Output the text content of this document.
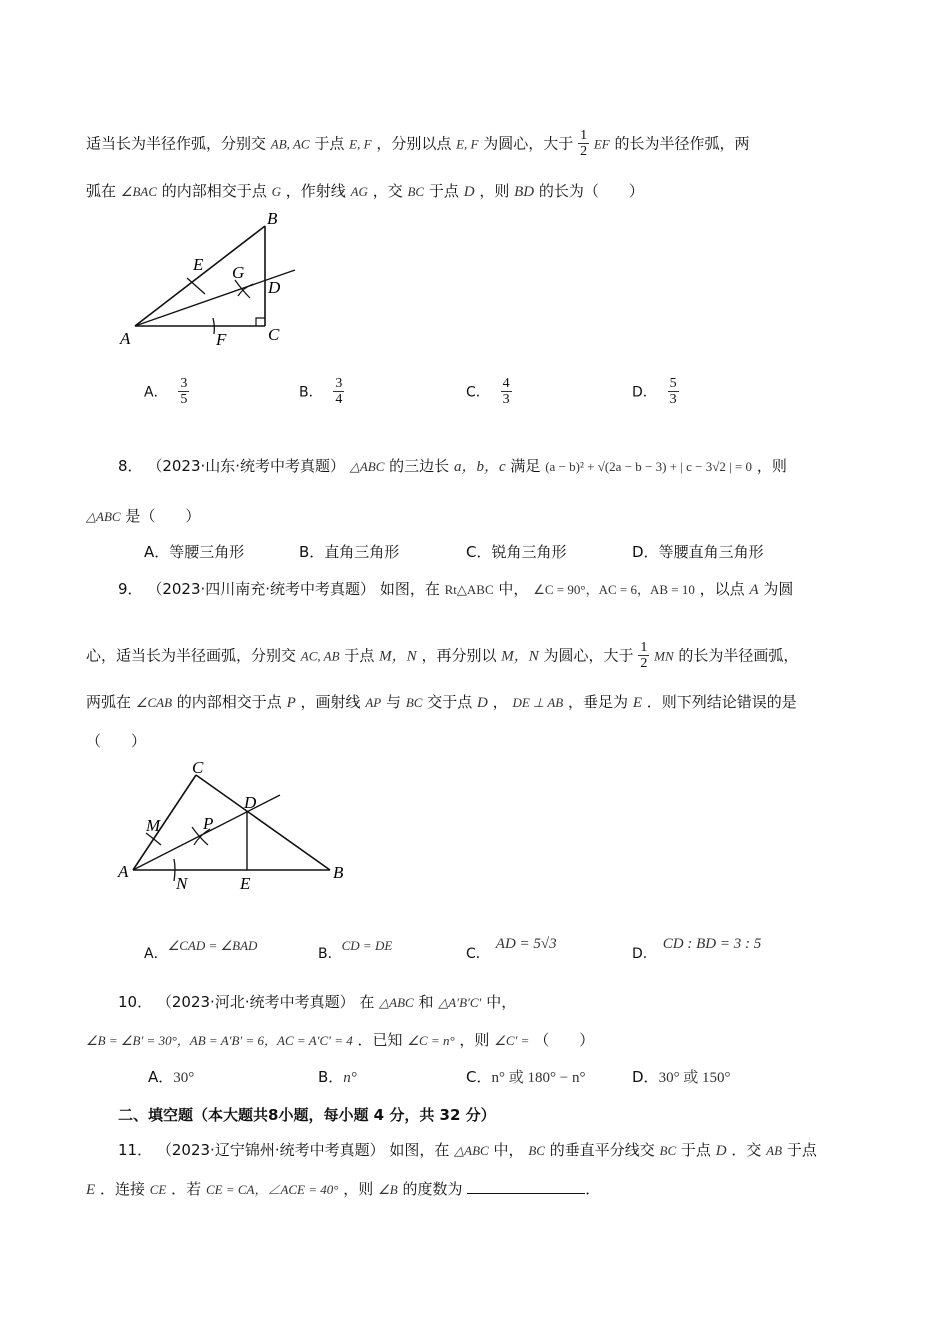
适当长为半径作弧，分别交 AB, AC 于点 E, F ，分别以点 E, F 为圆心，大于 $\frac{1}{2}$ EF 的长为半径作弧，两
弧在 ∠BAC 的内部相交于点 G ，作射线 AG ，交 BC 于点 D ，则 BD 的长为（　　）
A
B
C
D
E
F
G
A． $\frac{3}{5}$	B． $\frac{3}{4}$	C． $\frac{4}{3}$	D． $\frac{5}{3}$
8． （2023·山东·统考中考真题） △ABC 的三边长 a，b，c 满足 (a − b)² + √(2a − b − 3) + | c − 3√2 | = 0 ，则
△ABC 是（　　）
A．等腰三角形	B．直角三角形	C．锐角三角形	D．等腰直角三角形
9． （2023·四川南充·统考中考真题） 如图，在 Rt△ABC 中， ∠C = 90°，AC = 6，AB = 10 ，以点 A 为圆
心，适当长为半径画弧，分别交 AC, AB 于点 M，N ，再分别以 M，N 为圆心，大于 $\frac{1}{2}$ MN 的长为半径画弧，
两弧在 ∠CAB 的内部相交于点 P ，画射线 AP 与 BC 交于点 D ， DE ⊥ AB ，垂足为 E ．则下列结论错误的是
（　　）
A	B
C
D
E
M
N
P
A．∠CAD = ∠BAD
B．CD = DE
C．AD = 5√3
D．CD : BD = 3 : 5
10． （2023·河北·统考中考真题） 在 △ABC 和 △A′B′C′ 中，
∠B = ∠B′ = 30°，AB = A′B′ = 6，AC = A′C′ = 4 ．已知 ∠C = n° ，则 ∠C′ = （　　）
A．30°	B．n°	C．n° 或 180° − n°	D．30° 或 150°
二、填空题（本大题共8小题，每小题 4 分，共 32 分）
11． （2023·辽宁锦州·统考中考真题） 如图，在 △ABC 中， BC 的垂直平分线交 BC 于点 D ．交 AB 于点
E ．连接 CE ．若 CE = CA，∠ACE = 40° ，则 ∠B 的度数为	．
